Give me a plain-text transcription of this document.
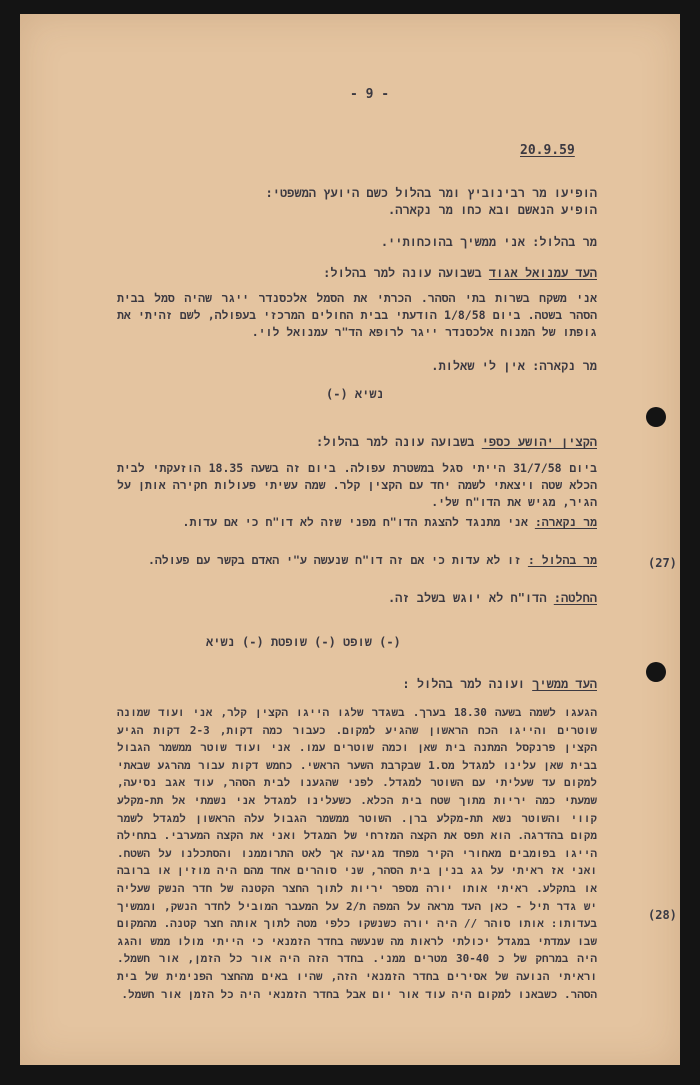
- 9 -
20.9.59
הופיעו מר רבינוביץ ומר בהלול כשם היועץ המשפטי:
הופיע הנאשם ובא כחו מר נקארה.
מר בהלול: אני ממשיך בהוכחותיי.
העד עמנואל אגוד בשבועה עונה למר בהלול:
אני משקח בשרות בתי הסהר. הכרתי את הסמל אלכסנדר ייגר שהיה סמל בבית הסהר בשטה. ביום 1/8/58 הודעתי בבית החולים המרכזי בעפולה, לשם זהיתי את גופתו של המנוח אלכסנדר ייגר לרופא הד"ר עמנואל לוי.
מר נקארה: אין לי שאלות.
(-) נשיא
הקצין יהושע כספי בשבועה עונה למר בהלול:
ביום 31/7/58 הייתי סגל במשטרת עפולה. ביום זה בשעה 18.35 הוזעקתי לבית הכלא שטה ויצאתי לשמה יחד עם הקצין קלר. שמה עשיתי פעולות חקירה אותן על הגיר, מגיש את הדו"ח שלי.
מר נקארה: אני מתנגד להצגת הדו"ח מפני שזה לא דו"ח כי אם עדות.
מר בהלול : זו לא עדות כי אם זה דו"ח שנעשה ע"י האדם בקשר עם פעולה.	(27)
החלטה: הדו"ח לא יוגש בשלב זה.
שופט (-) שופטת (-) נשיא (-)
העד ממשיך ועונה למר בהלול :
הגעגו לשמה בשעה 18.30 בערך. בשגדר שלגו הייגו הקצין קלר, אני ועוד שמונה שוטרים והייגו הכח הראשון שהגיע למקום. כעבור כמה דקות, 2-3 דקות הגיע הקצין פרנקסל המתנה בית שאן וכמה שוטרים עמו. אני ועוד שוטר ממשמר הגבול בבית שאן עלינו למגדל מס.1 שבקרבת השער הראשי. כחמש דקות עבור מהרגע שבאתי למקום עד שעליתי עם השוטר למגדל. לפני שהגענו לבית הסהר, עוד אגב נסיעה, שמעתי כמה יריות מתוך שטח בית הכלא. כשעלינו למגדל אני נשמתי אל תת-מקלע קווי והשוטר נשא תת-מקלע ברן. השוטר ממשמר הגבול עלה הראשון למגדל לשמר מקום בהדרגה. הוא תפס את הקצה המזרחי של המגדל ואני את הקצה המערבי. בתחילה הייגו בפומבים מאחורי הקיר מפחד מגיעה אך לאט התרוממנו והסתכלנו על השטח. ואני אז ראיתי על גג בנין בית הסהר, שני סוהרים אחד מהם היה מוזין או ברובה או בתקלע. ראיתי אותו יורה מספר יריות לתוך החצר הקטנה של חדר הנשק שעליה יש גדר תיל - כאן העד מראה על המפה ת/2 על המעבר המוביל לחדר הנשק, וממשיך בעדותו: אותו סוהר // היה יורה כשנשקו כלפי מטה לתוך אותה חצר קטנה. מהמקום שבו עמדתי במגדל יכולתי לראות מה שנעשה בחדר הזמנאי כי הייתי מולו ממש והגג היה במרחק של כ 30-40 מטרים ממני. בחדר הזה היה אור כל הזמן, אור חשמל. וראיתי הנועה של אסירים בחדר הזמנאי הזה, שהיו באים מהחצר הפנימית של בית הסהר. כשבאנו למקום היה עוד אור יום אבל בחדר הזמנאי היה כל הזמן אור חשמל.
(28)
